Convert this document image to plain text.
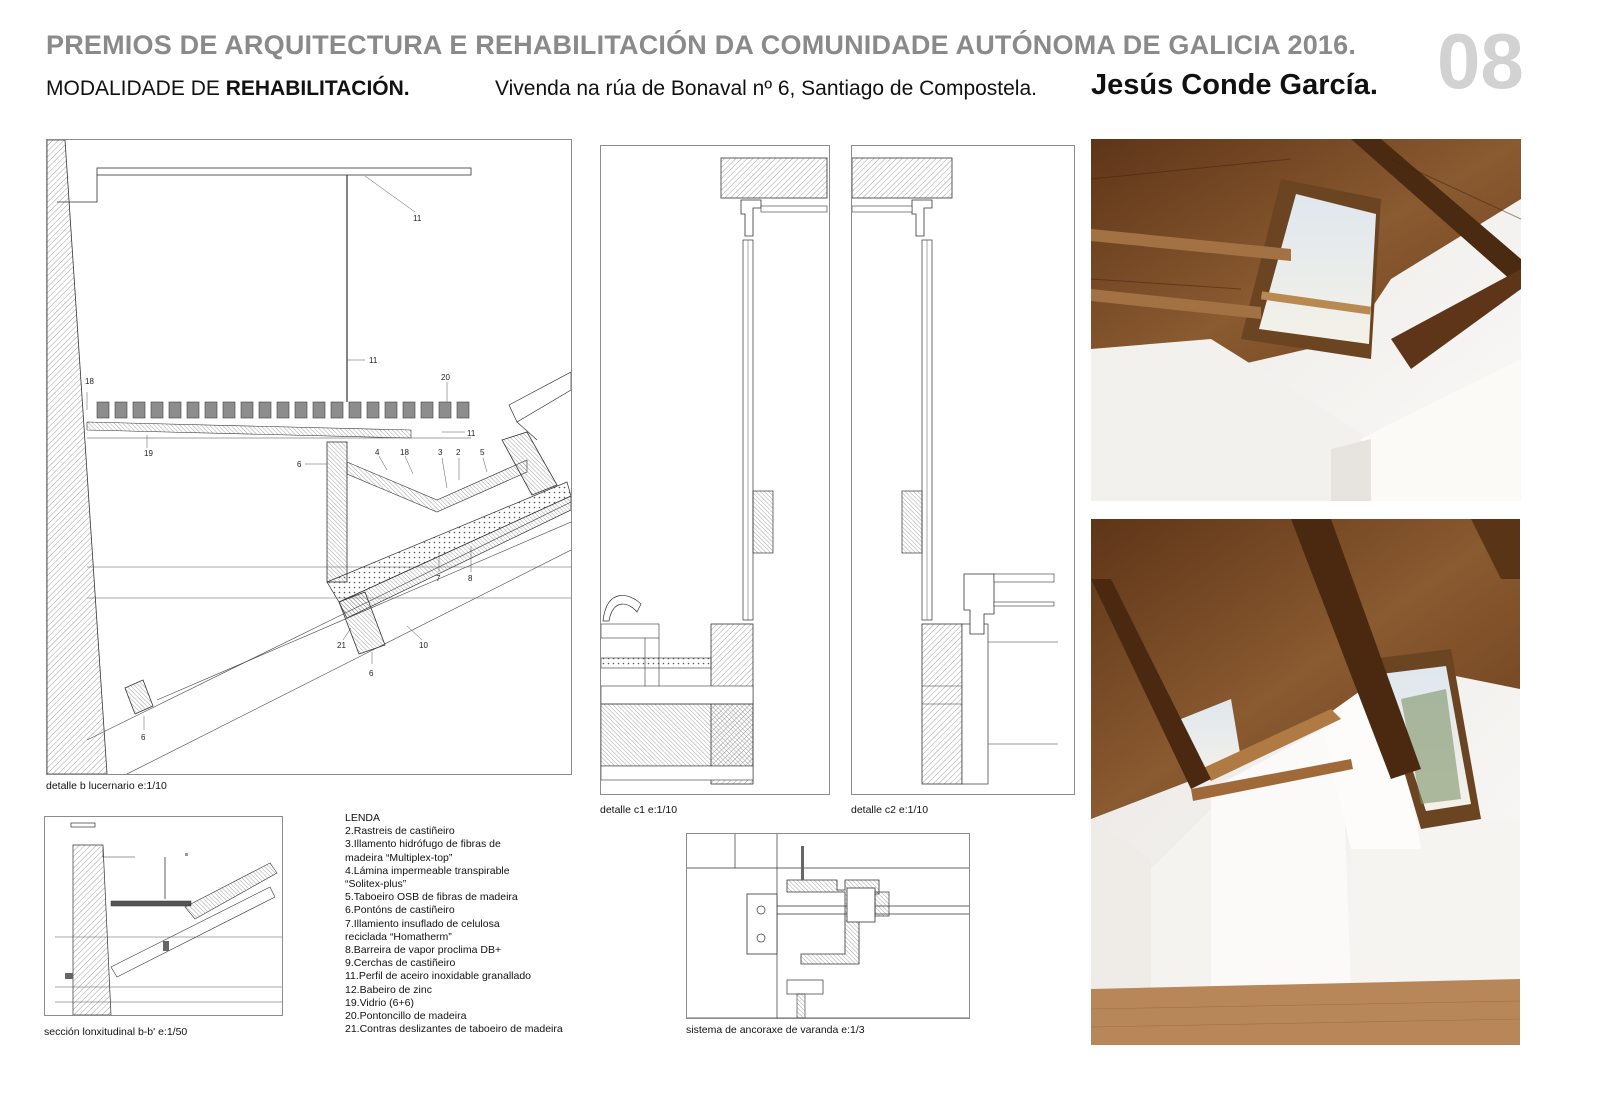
PREMIOS DE ARQUITECTURA E REHABILITACIÓN DA COMUNIDADE AUTÓNOMA DE GALICIA 2016. 08
MODALIDADE DE REHABILITACIÓN.	Vivenda na rúa de Bonaval nº 6, Santiago de Compostela. Jesús Conde García.
11
11
18	20
11
19
6
4	18	3 2 5
7	8
21
6
10
6
detalle b lucernario e:1/10
detalle c1 e:1/10	detalle c2 e:1/10
sección lonxitudinal b-b' e:1/50
LENDA
2.Rastreis de castiñeiro
3.Illamento hidrófugo de fibras de
madeira “Multiplex-top”
4.Lámina impermeable transpirable
“Solitex-plus”
5.Taboeiro OSB de fibras de madeira
6.Pontóns de castiñeiro
7.Illamiento insuflado de celulosa
reciclada “Homatherm”
8.Barreira de vapor proclima DB+
9.Cerchas de castiñeiro
11.Perfil de aceiro inoxidable granallado
12.Babeiro de zinc
19.Vidrio (6+6)
20.Pontoncillo de madeira
21.Contras deslizantes de taboeiro de madeira	sistema de ancoraxe de varanda e:1/3
